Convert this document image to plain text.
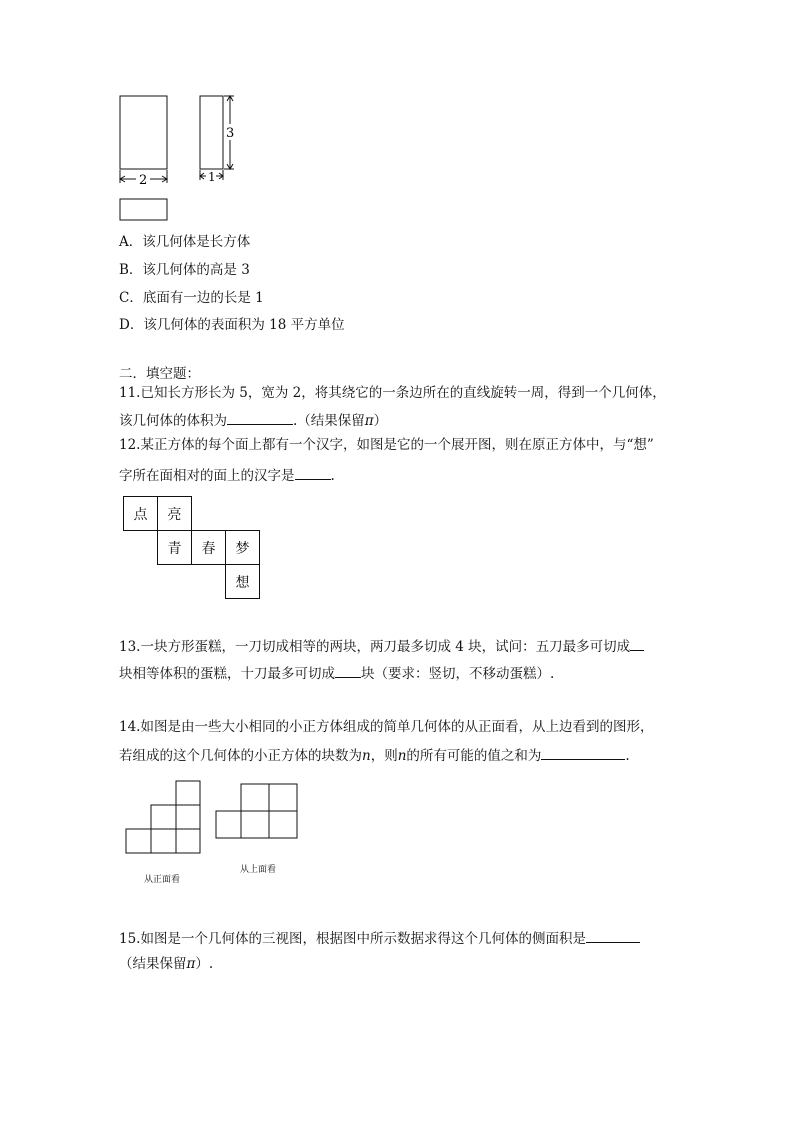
2
3
1
A．该几何体是长方体
B．该几何体的高是 3
C．底面有一边的长是 1
D．该几何体的表面积为 18 平方单位
二．填空题：
11.已知长方形长为 5，宽为 2，将其绕它的一条边所在的直线旋转一周，得到一个几何体，
该几何体的体积为	.（结果保留π）
12.某正方体的每个面上都有一个汉字，如图是它的一个展开图，则在原正方体中，与“想”
字所在面相对的面上的汉字是	.
点	亮		
	青	春	梦
			想
13.一块方形蛋糕，一刀切成相等的两块，两刀最多切成 4 块，试问：五刀最多可切成
块相等体积的蛋糕，十刀最多可切成 块（要求：竖切，不移动蛋糕）.
14.如图是由一些大小相同的小正方体组成的简单几何体的从正面看，从上边看到的图形，
若组成的这个几何体的小正方体的块数为n，则n的所有可能的值之和为	.
从正面看
从上面看
15.如图是一个几何体的三视图，根据图中所示数据求得这个几何体的侧面积是
（结果保留π）.
